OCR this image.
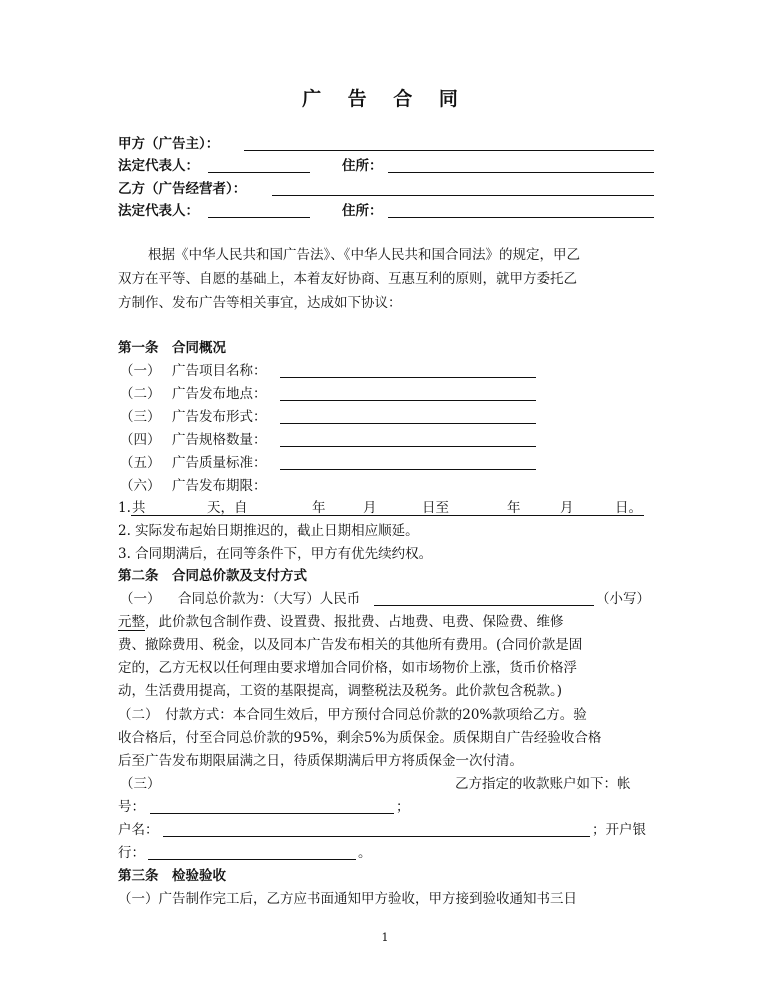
广 告 合 同
甲方（广告主）：
法定代表人：	住所：
乙方（广告经营者）：
法定代表人：	住所：
根据《中华人民共和国广告法》、《中华人民共和国合同法》的规定，甲乙
双方在平等、自愿的基础上，本着友好协商、互惠互利的原则，就甲方委托乙
方制作、发布广告等相关事宜，达成如下协议：
第一条　合同概况
（一） 广告项目名称：
（二） 广告发布地点：
（三） 广告发布形式：
（四） 广告规格数量：
（五） 广告质量标准：
（六） 广告发布期限：
1. 共	天，自	年	月	日至	年	月	日。
2. 实际发布起始日期推迟的，截止日期相应顺延。
3. 合同期满后，在同等条件下，甲方有优先续约权。
第二条　合同总价款及支付方式
（一） 合同总价款为：（大写）人民币	（小写）
元整，此价款包含制作费、设置费、报批费、占地费、电费、保险费、维修
费、撤除费用、税金，以及同本广告发布相关的其他所有费用。(合同价款是固
定的，乙方无权以任何理由要求增加合同价格，如市场物价上涨，货币价格浮
动，生活费用提高，工资的基限提高，调整税法及税务。此价款包含税款。)
（二）　付款方式：本合同生效后，甲方预付合同总价款的20%款项给乙方。验
收合格后，付至合同总价款的95%，剩余5%为质保金。质保期自广告经验收合格
后至广告发布期限届满之日，待质保期满后甲方将质保金一次付清。
（三）	乙方指定的收款账户如下：帐
号：	；
户名：	；开户银
行：	。
第三条　检验验收
（一）广告制作完工后，乙方应书面通知甲方验收，甲方接到验收通知书三日
1
